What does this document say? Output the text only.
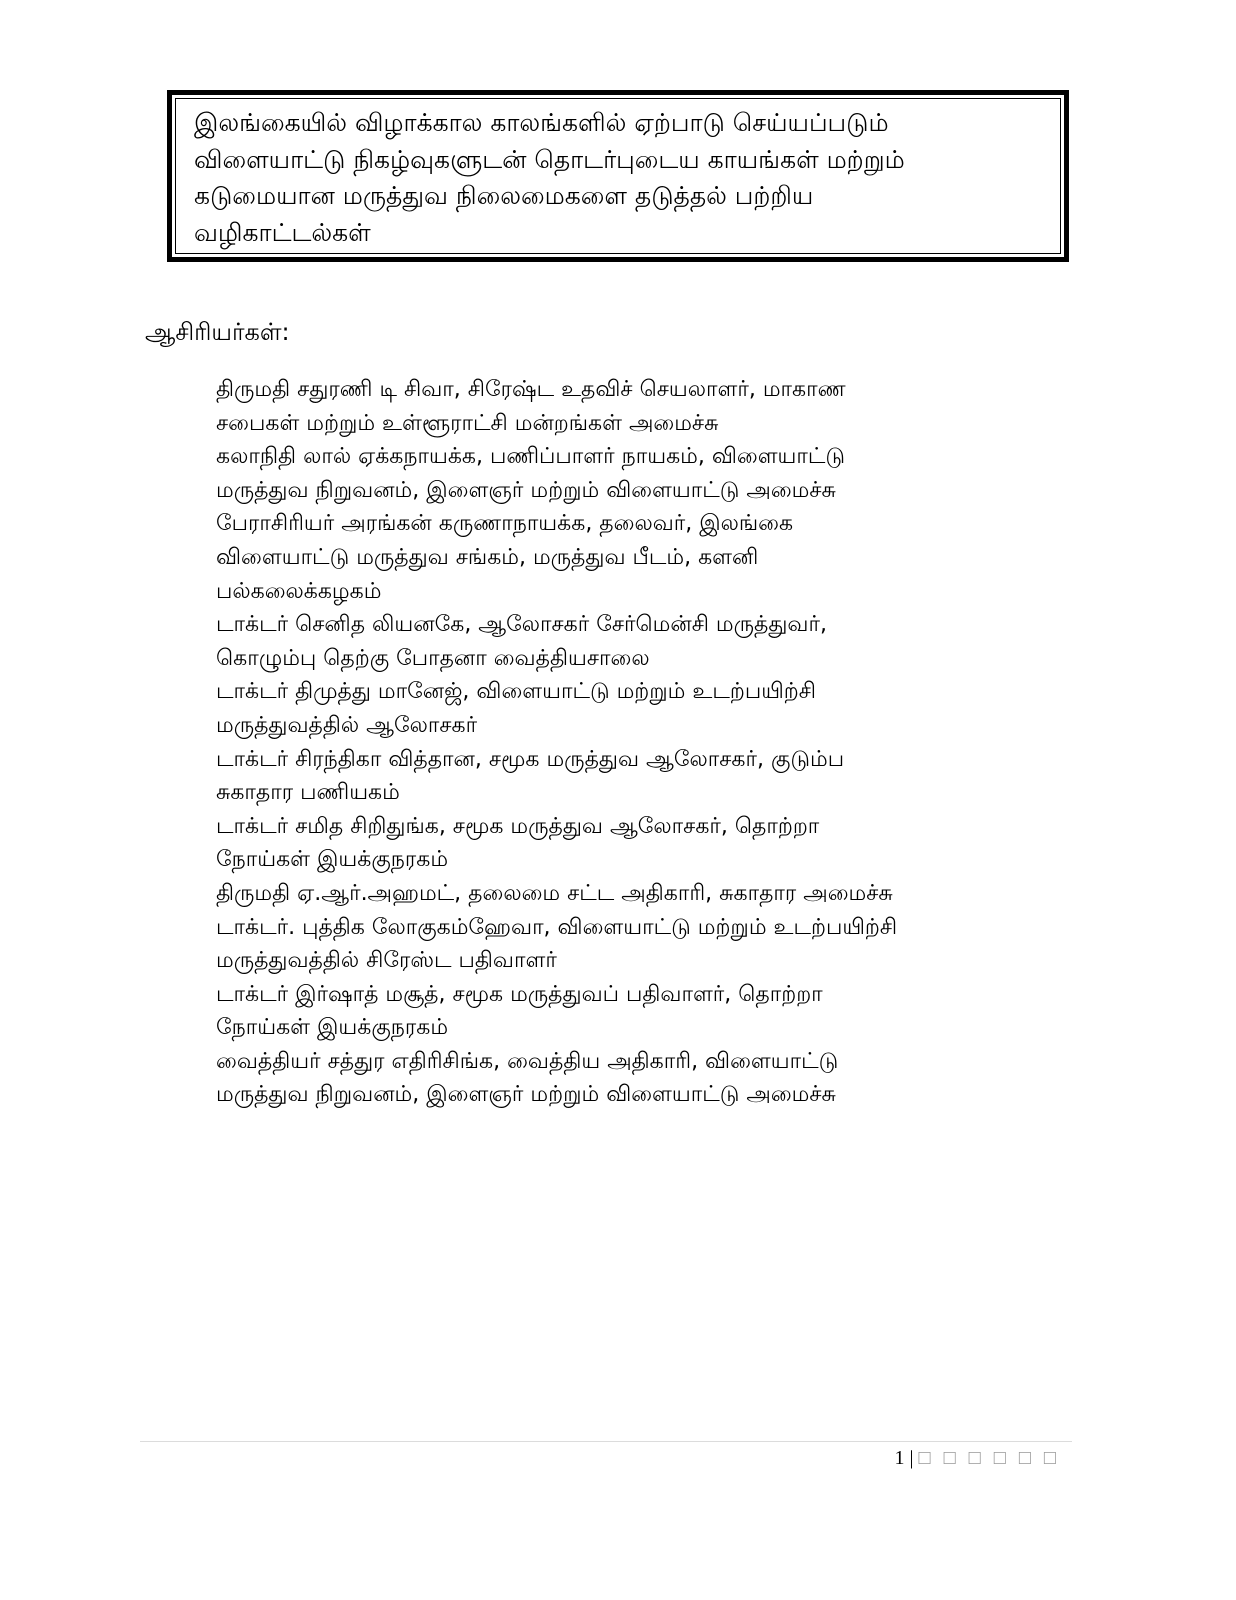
இலங்கையில் விழாக்கால காலங்களில் ஏற்பாடு செய்யப்படும்
விளையாட்டு நிகழ்வுகளுடன் தொடர்புடைய காயங்கள் மற்றும்
கடுமையான மருத்துவ நிலைமைகளை தடுத்தல் பற்றிய
வழிகாட்டல்கள்
ஆசிரியர்கள்:
திருமதி சதுரணி டி சிவா, சிரேஷ்ட உதவிச் செயலாளர், மாகாண
சபைகள் மற்றும் உள்ளூராட்சி மன்றங்கள் அமைச்சு
கலாநிதி லால் ஏக்கநாயக்க, பணிப்பாளர் நாயகம், விளையாட்டு
மருத்துவ நிறுவனம், இளைஞர் மற்றும் விளையாட்டு அமைச்சு
பேராசிரியர் அரங்கன் கருணாநாயக்க, தலைவர், இலங்கை
விளையாட்டு மருத்துவ சங்கம், மருத்துவ பீடம், களனி
பல்கலைக்கழகம்
டாக்டர் செனித லியனகே, ஆலோசகர் சேர்மென்சி மருத்துவர்,
கொழும்பு தெற்கு போதனா வைத்தியசாலை
டாக்டர் திமுத்து மானேஜ், விளையாட்டு மற்றும் உடற்பயிற்சி
மருத்துவத்தில் ஆலோசகர்
டாக்டர் சிரந்திகா வித்தான, சமூக மருத்துவ ஆலோசகர், குடும்ப
சுகாதார பணியகம்
டாக்டர் சமித சிறிதுங்க, சமூக மருத்துவ ஆலோசகர், தொற்றா
நோய்கள் இயக்குநரகம்
திருமதி ஏ.ஆர்.அஹமட், தலைமை சட்ட அதிகாரி, சுகாதார அமைச்சு
டாக்டர். புத்திக லோகுகம்ஹேவா, விளையாட்டு மற்றும் உடற்பயிற்சி
மருத்துவத்தில் சிரேஸ்ட பதிவாளர்
டாக்டர் இர்ஷாத் மசூத், சமூக மருத்துவப் பதிவாளர், தொற்றா
நோய்கள் இயக்குநரகம்
வைத்தியர் சத்துர எதிரிசிங்க, வைத்திய அதிகாரி, விளையாட்டு
மருத்துவ நிறுவனம், இளைஞர் மற்றும் விளையாட்டு அமைச்சு
1 | □ □ □ □ □ □
